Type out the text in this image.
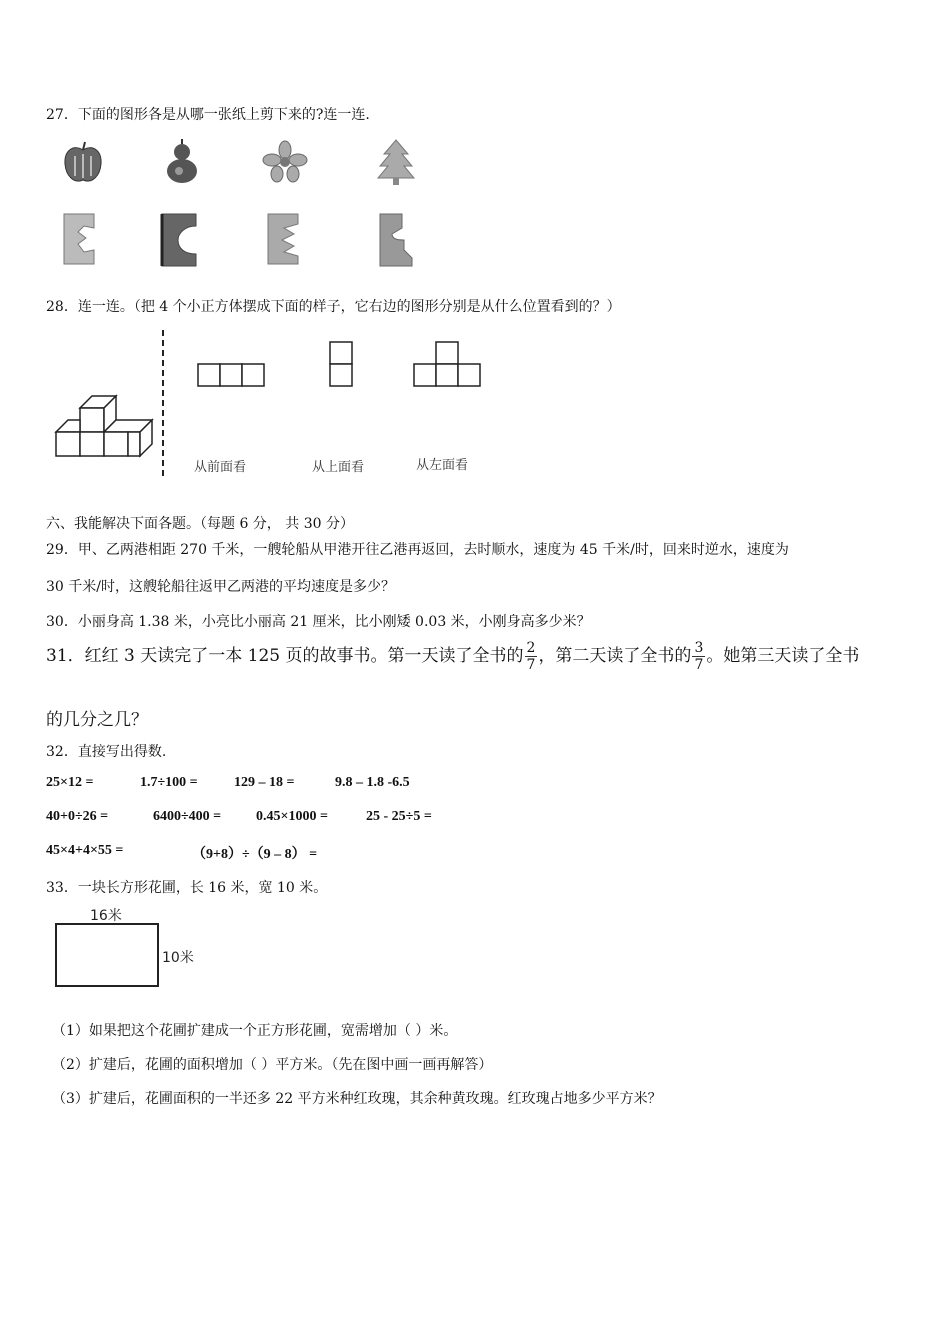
27．下面的图形各是从哪一张纸上剪下来的?连一连.
28．连一连。（把 4 个小正方体摆成下面的样子，它右边的图形分别是从什么位置看到的？）
从前面看	从上面看	从左面看
六、我能解决下面各题。（每题 6 分， 共 30 分）
29．甲、乙两港相距 270 千米，一艘轮船从甲港开往乙港再返回，去时顺水，速度为 45 千米/时，回来时逆水，速度为
30 千米/时，这艘轮船往返甲乙两港的平均速度是多少？
30．小丽身高 1.38 米，小亮比小丽高 21 厘米，比小刚矮 0.03 米，小刚身高多少米？
31．红红 3 天读完了一本 125 页的故事书。第一天读了全书的 $\frac{2}{7}$ ，第二天读了全书的 $\frac{3}{7}$ 。她第三天读了全书
的几分之几？
32．直接写出得数.
25×12 =	1.7÷100 =	129 – 18 =	9.8 – 1.8 -6.5
40+0÷26 =	6400÷400 = 0.45×1000 =	25 - 25÷5 =
45×4+4×55 =	（9+8）÷（9 – 8） =
33．一块长方形花圃，长 16 米，宽 10 米。
16米
10米
（1）如果把这个花圃扩建成一个正方形花圃，宽需增加（ ）米。
（2）扩建后，花圃的面积增加（ ）平方米。（先在图中画一画再解答）
（3）扩建后，花圃面积的一半还多 22 平方米种红玫瑰，其余种黄玫瑰。红玫瑰占地多少平方米？
